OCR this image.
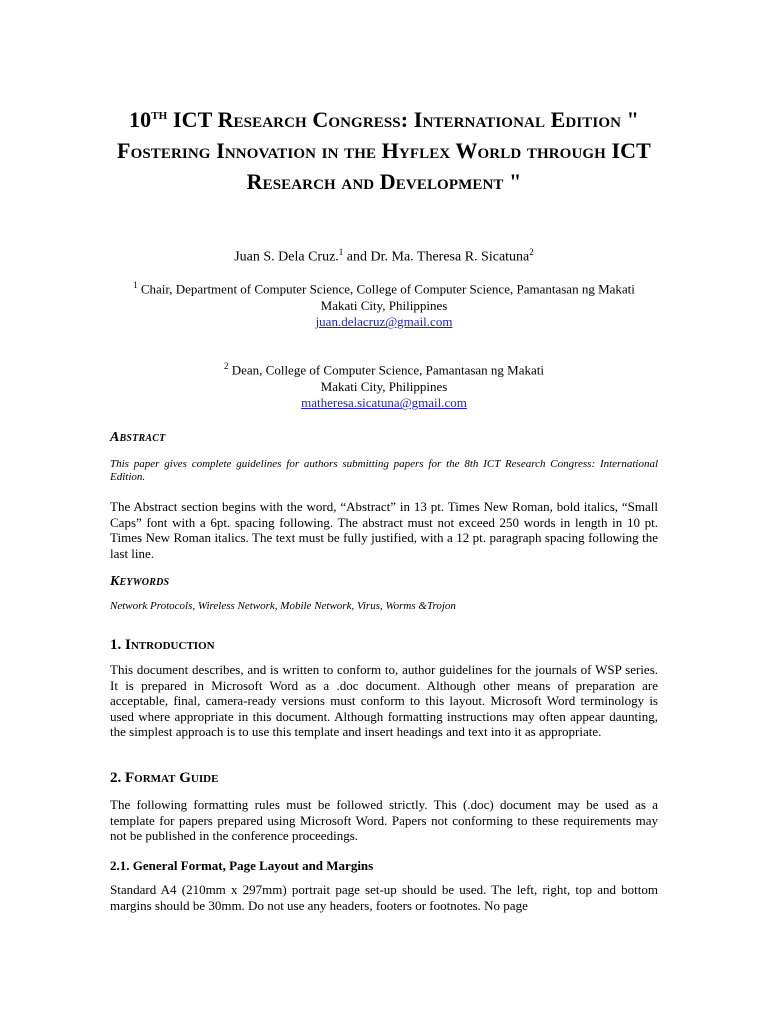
10TH ICT Research Congress: International Edition " Fostering Innovation in the Hyflex World through ICT Research and Development "
Juan S. Dela Cruz.$^1$ and Dr. Ma. Theresa R. Sicatuna$^2$
$^1$ Chair, Department of Computer Science, College of Computer Science, Pamantasan ng Makati
Makati City, Philippines
juan.delacruz@gmail.com
$^2$ Dean, College of Computer Science, Pamantasan ng Makati
Makati City, Philippines
matheresa.sicatuna@gmail.com
Abstract
This paper gives complete guidelines for authors submitting papers for the 8th ICT Research Congress: International Edition.
The Abstract section begins with the word, “Abstract” in 13 pt. Times New Roman, bold italics, “Small Caps” font with a 6pt. spacing following. The abstract must not exceed 250 words in length in 10 pt. Times New Roman italics. The text must be fully justified, with a 12 pt. paragraph spacing following the last line.
Keywords
Network Protocols, Wireless Network, Mobile Network, Virus, Worms &Trojon
1. Introduction
This document describes, and is written to conform to, author guidelines for the journals of WSP series. It is prepared in Microsoft Word as a .doc document. Although other means of preparation are acceptable, final, camera-ready versions must conform to this layout. Microsoft Word terminology is used where appropriate in this document. Although formatting instructions may often appear daunting, the simplest approach is to use this template and insert headings and text into it as appropriate.
2. Format Guide
The following formatting rules must be followed strictly. This (.doc) document may be used as a template for papers prepared using Microsoft Word. Papers not conforming to these requirements may not be published in the conference proceedings.
2.1. General Format, Page Layout and Margins
Standard A4 (210mm x 297mm) portrait page set-up should be used. The left, right, top and bottom margins should be 30mm. Do not use any headers, footers or footnotes. No page
